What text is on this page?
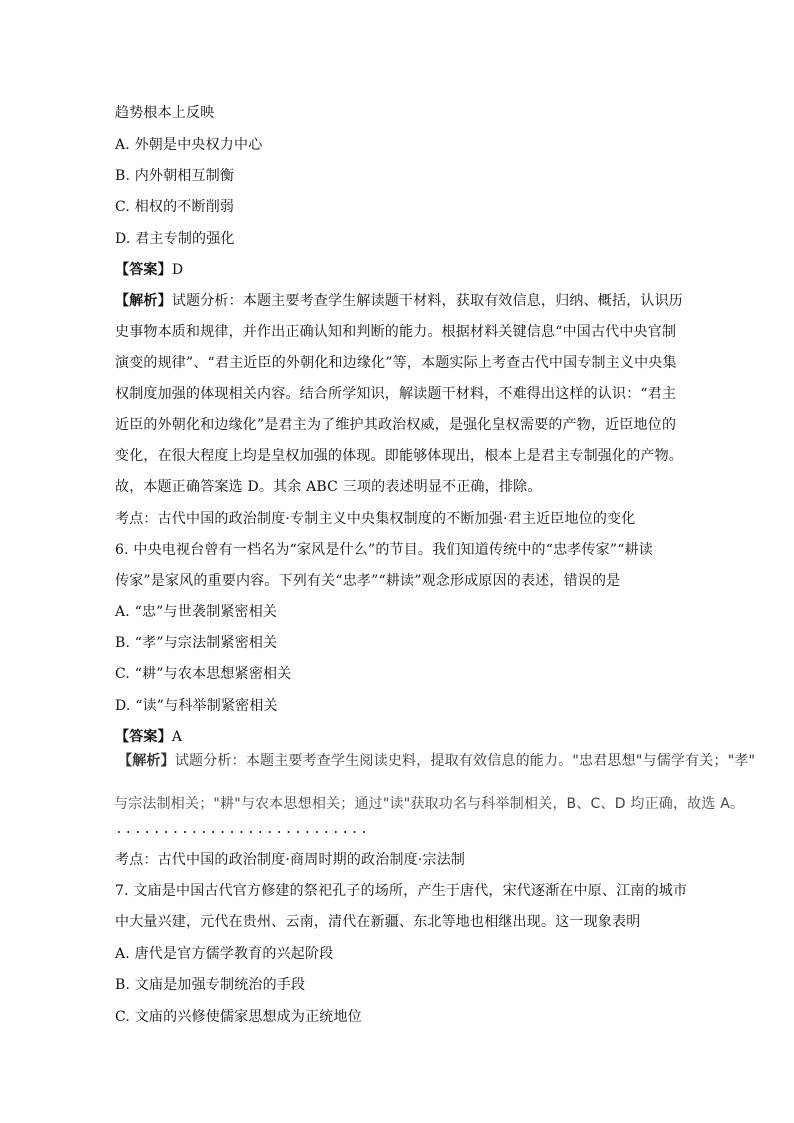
趋势根本上反映
A. 外朝是中央权力中心
B. 内外朝相互制衡
C. 相权的不断削弱
D. 君主专制的强化
【答案】D
【解析】试题分析：本题主要考查学生解读题干材料，获取有效信息，归纳、概括，认识历
史事物本质和规律，并作出正确认知和判断的能力。根据材料关键信息“中国古代中央官制
演变的规律”、“君主近臣的外朝化和边缘化”等，本题实际上考查古代中国专制主义中央集
权制度加强的体现相关内容。结合所学知识，解读题干材料，不难得出这样的认识：“君主
近臣的外朝化和边缘化”是君主为了维护其政治权威，是强化皇权需要的产物，近臣地位的
变化，在很大程度上均是皇权加强的体现。即能够体现出，根本上是君主专制强化的产物。
故，本题正确答案选 D。其余 ABC 三项的表述明显不正确，排除。
考点：古代中国的政治制度·专制主义中央集权制度的不断加强·君主近臣地位的变化
6. 中央电视台曾有一档名为“家风是什么”的节目。我们知道传统中的“忠孝传家”“耕读
传家”是家风的重要内容。下列有关“忠孝”“耕读”观念形成原因的表述，错误的是
A. “忠”与世袭制紧密相关
B. “孝”与宗法制紧密相关
C. “耕”与农本思想紧密相关
D. “读”与科举制紧密相关
【答案】A
【解析】试题分析：本题主要考查学生阅读史料，提取有效信息的能力。"忠君思想"与儒学有关；"孝"
与宗法制相关；"耕"与农本思想相关；通过"读"获取功名与科举制相关，B、C、D 均正确，故选 A。
...........................
考点：古代中国的政治制度·商周时期的政治制度·宗法制
7. 文庙是中国古代官方修建的祭祀孔子的场所，产生于唐代，宋代逐渐在中原、江南的城市
中大量兴建，元代在贵州、云南，清代在新疆、东北等地也相继出现。这一现象表明
A. 唐代是官方儒学教育的兴起阶段
B. 文庙是加强专制统治的手段
C. 文庙的兴修使儒家思想成为正统地位
